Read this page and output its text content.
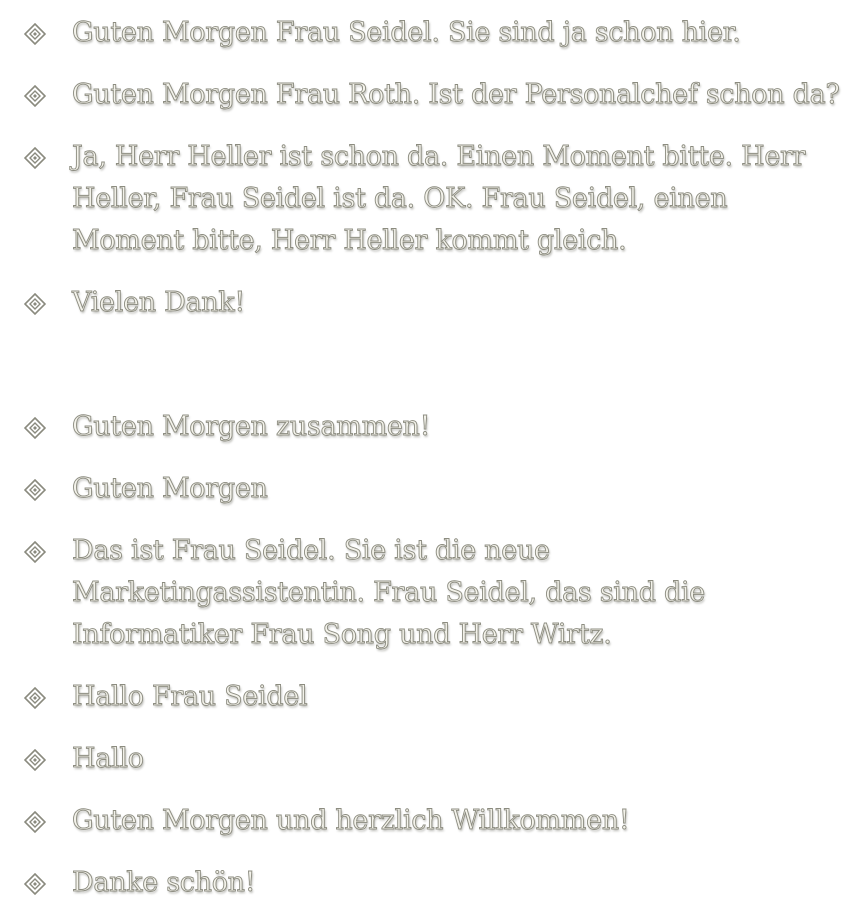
Guten Morgen Frau Seidel. Sie sind ja schon hier.
Guten Morgen Frau Roth. Ist der Personalchef schon da?
Ja, Herr Heller ist schon da. Einen Moment bitte. Herr Heller, Frau Seidel ist da. OK. Frau Seidel, einen Moment bitte, Herr Heller kommt gleich.
Vielen Dank!
Guten Morgen zusammen!
Guten Morgen
Das ist Frau Seidel. Sie ist die neue Marketingassistentin. Frau Seidel, das sind die Informatiker Frau Song und Herr Wirtz.
Hallo Frau Seidel
Hallo
Guten Morgen und herzlich Willkommen!
Danke schön!
